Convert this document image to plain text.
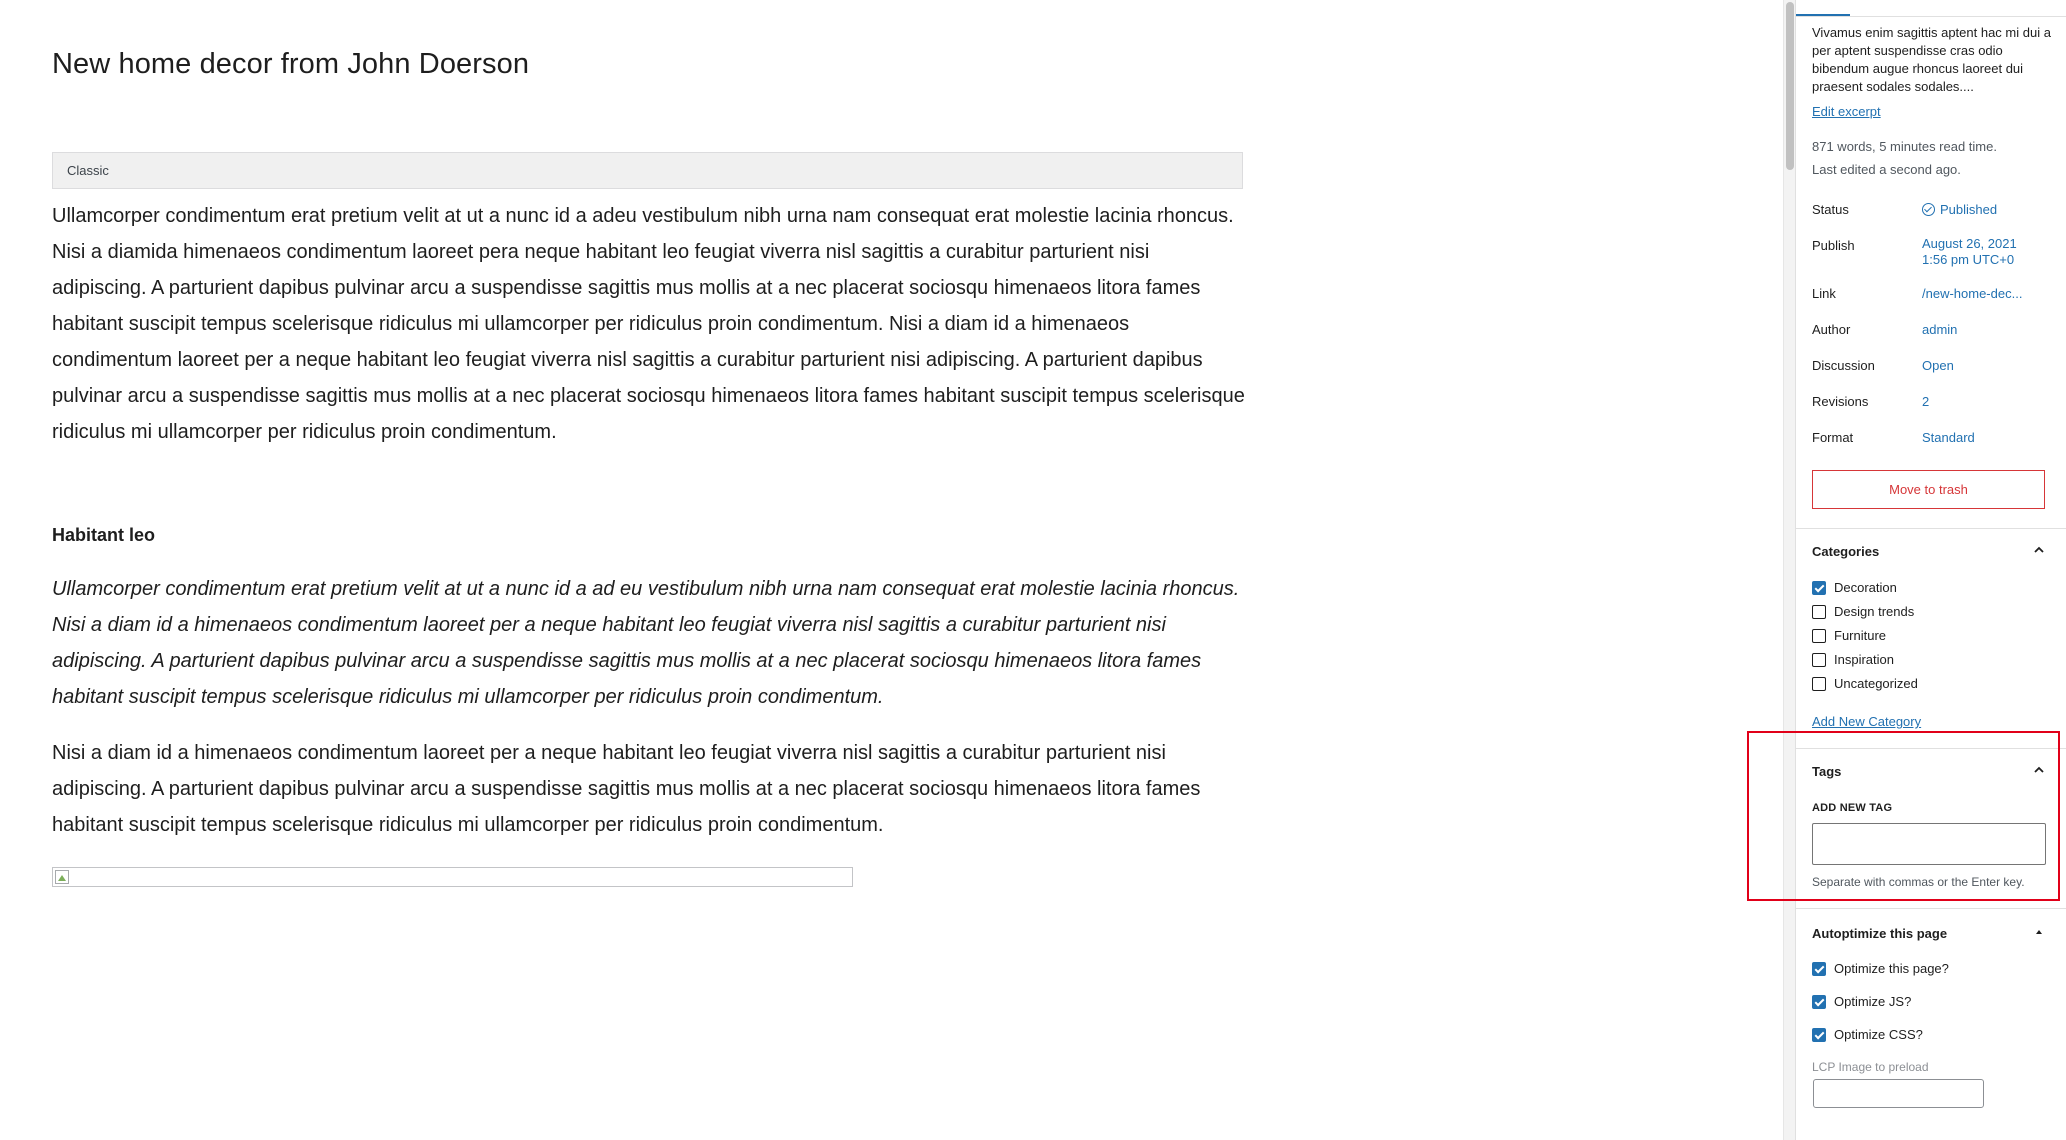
New home decor from John Doerson
Classic

Ullamcorper condimentum erat pretium velit at ut a nunc id a adeu vestibulum nibh urna nam consequat erat molestie lacinia rhoncus. Nisi a diamida himenaeos condimentum laoreet pera neque habitant leo feugiat viverra nisl sagittis a curabitur parturient nisi adipiscing. A parturient dapibus pulvinar arcu a suspendisse sagittis mus mollis at a nec placerat sociosqu himenaeos litora fames habitant suscipit tempus scelerisque ridiculus mi ullamcorper per ridiculus proin condimentum. Nisi a diam id a himenaeos condimentum laoreet per a neque habitant leo feugiat viverra nisl sagittis a curabitur parturient nisi adipiscing. A parturient dapibus pulvinar arcu a suspendisse sagittis mus mollis at a nec placerat sociosqu himenaeos litora fames habitant suscipit tempus scelerisque ridiculus mi ullamcorper per ridiculus proin condimentum.

Habitant leo

Ullamcorper condimentum erat pretium velit at ut a nunc id a ad eu vestibulum nibh urna nam consequat erat molestie lacinia rhoncus. Nisi a diam id a himenaeos condimentum laoreet per a neque habitant leo feugiat viverra nisl sagittis a curabitur parturient nisi adipiscing. A parturient dapibus pulvinar arcu a suspendisse sagittis mus mollis at a nec placerat sociosqu himenaeos litora fames habitant suscipit tempus scelerisque ridiculus mi ullamcorper per ridiculus proin condimentum.

Nisi a diam id a himenaeos condimentum laoreet per a neque habitant leo feugiat viverra nisl sagittis a curabitur parturient nisi adipiscing. A parturient dapibus pulvinar arcu a suspendisse sagittis mus mollis at a nec placerat sociosqu himenaeos litora fames habitant suscipit tempus scelerisque ridiculus mi ullamcorper per ridiculus proin condimentum.

Vivamus enim sagittis aptent hac mi dui a per aptent suspendisse cras odio bibendum augue rhoncus laoreet dui praesent sodales sodales....

Edit excerpt
871 words, 5 minutes read time.
Last edited a second ago.
Status	Published
Publish	August 26, 2021
1:56 pm UTC+0
Link	/new-home-dec...
Author	admin
Discussion	Open
Revisions	2
Format	Standard
Move to trash
Categories
Decoration
Design trends
Furniture
Inspiration
Uncategorized
Add New Category
Tags
ADD NEW TAG
Separate with commas or the Enter key.
Autoptimize this page
Optimize this page?
Optimize JS?
Optimize CSS?
LCP Image to preload
